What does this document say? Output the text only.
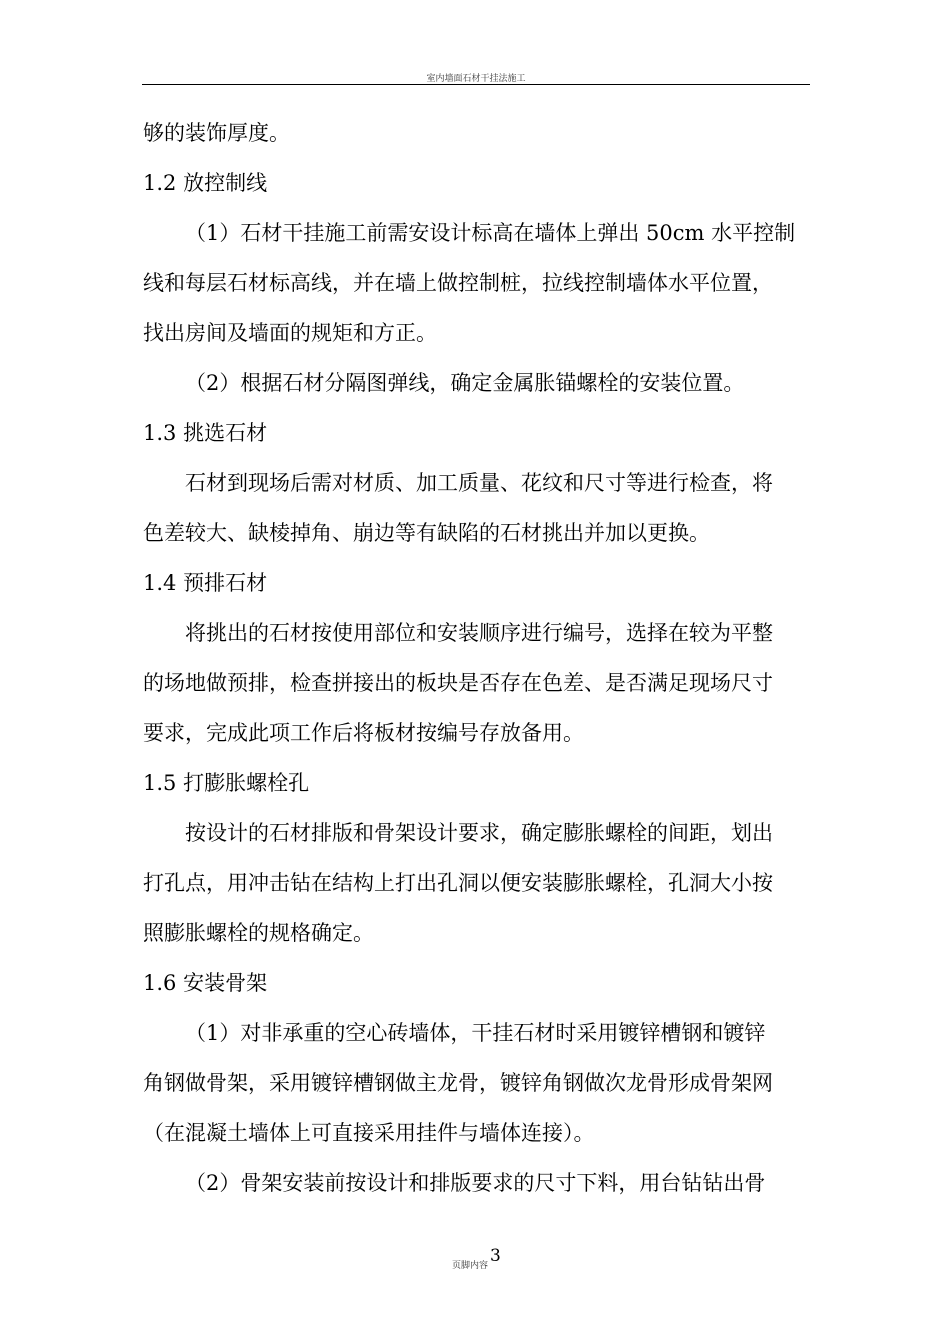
室内墙面石材干挂法施工
够的装饰厚度。
1.2 放控制线
（1）石材干挂施工前需安设计标高在墙体上弹出 50cm 水平控制
线和每层石材标高线，并在墙上做控制桩，拉线控制墙体水平位置，
找出房间及墙面的规矩和方正。
（2）根据石材分隔图弹线，确定金属胀锚螺栓的安装位置。
1.3 挑选石材
石材到现场后需对材质、加工质量、花纹和尺寸等进行检查，将
色差较大、缺棱掉角、崩边等有缺陷的石材挑出并加以更换。
1.4 预排石材
将挑出的石材按使用部位和安装顺序进行编号，选择在较为平整
的场地做预排，检查拼接出的板块是否存在色差、是否满足现场尺寸
要求，完成此项工作后将板材按编号存放备用。
1.5 打膨胀螺栓孔
按设计的石材排版和骨架设计要求，确定膨胀螺栓的间距，划出
打孔点，用冲击钻在结构上打出孔洞以便安装膨胀螺栓，孔洞大小按
照膨胀螺栓的规格确定。
1.6 安装骨架
（1）对非承重的空心砖墙体，干挂石材时采用镀锌槽钢和镀锌
角钢做骨架，采用镀锌槽钢做主龙骨，镀锌角钢做次龙骨形成骨架网
（在混凝土墙体上可直接采用挂件与墙体连接）。
（2）骨架安装前按设计和排版要求的尺寸下料，用台钻钻出骨
页脚内容 3
